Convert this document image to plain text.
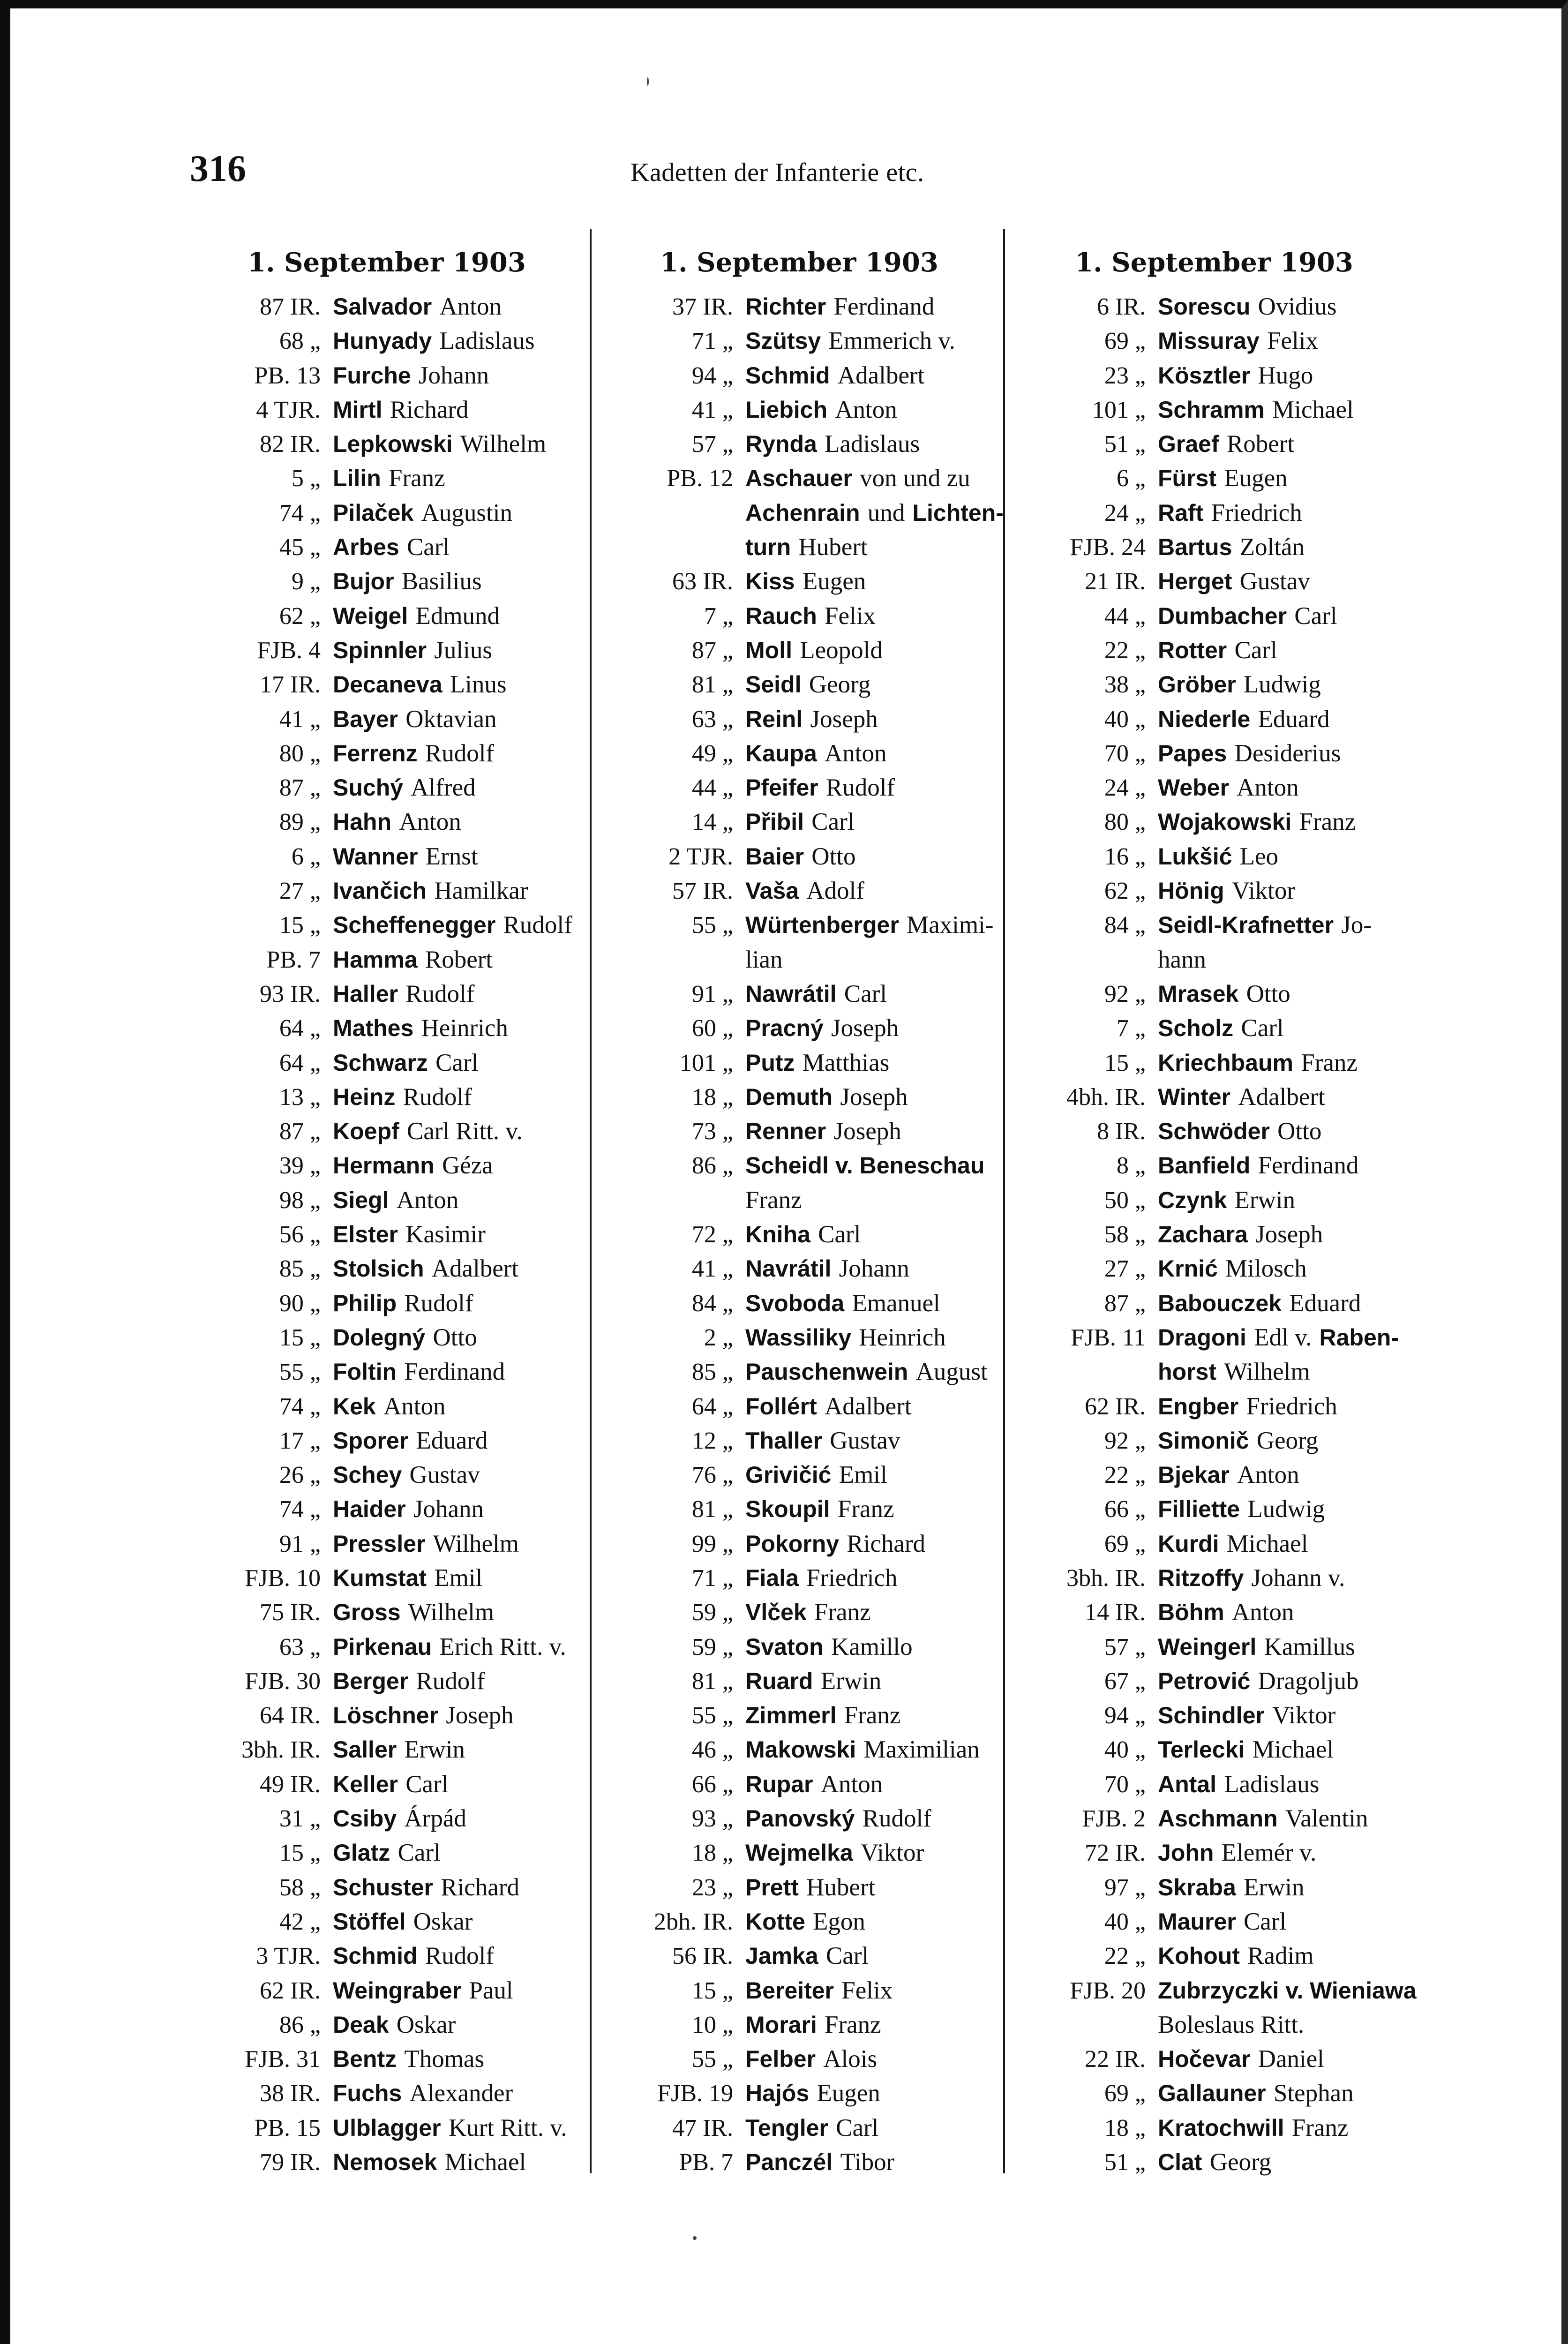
316	Kadetten der Infanterie etc.
1. September 1903
87 IR. Salvador Anton
68 „ Hunyady Ladislaus
PB. 13 Furche Johann
4 TJR. Mirtl Richard
82 IR. Lepkowski Wilhelm
5 „ Lilin Franz
74 „ Pilaček Augustin
45 „ Arbes Carl
9 „ Bujor Basilius
62 „ Weigel Edmund
FJB. 4 Spinnler Julius
17 IR. Decaneva Linus
41 „ Bayer Oktavian
80 „ Ferrenz Rudolf
87 „ Suchý Alfred
89 „ Hahn Anton
6 „ Wanner Ernst
27 „ Ivančich Hamilkar
15 „ Scheffenegger Rudolf
PB. 7 Hamma Robert
93 IR. Haller Rudolf
64 „ Mathes Heinrich
64 „ Schwarz Carl
13 „ Heinz Rudolf
87 „ Koepf Carl Ritt. v.
39 „ Hermann Géza
98 „ Siegl Anton
56 „ Elster Kasimir
85 „ Stolsich Adalbert
90 „ Philip Rudolf
15 „ Dolegný Otto
55 „ Foltin Ferdinand
74 „ Kek Anton
17 „ Sporer Eduard
26 „ Schey Gustav
74 „ Haider Johann
91 „ Pressler Wilhelm
FJB. 10 Kumstat Emil
75 IR. Gross Wilhelm
63 „ Pirkenau Erich Ritt. v.
FJB. 30 Berger Rudolf
64 IR. Löschner Joseph
3bh. IR. Saller Erwin
49 IR. Keller Carl
31 „ Csiby Árpád
15 „ Glatz Carl
58 „ Schuster Richard
42 „ Stöffel Oskar
3 TJR. Schmid Rudolf
62 IR. Weingraber Paul
86 „ Deak Oskar
FJB. 31 Bentz Thomas
38 IR. Fuchs Alexander
PB. 15 Ulblagger Kurt Ritt. v.
79 IR. Nemosek Michael
1. September 1903
37 IR. Richter Ferdinand
71 „ Szütsy Emmerich v.
94 „ Schmid Adalbert
41 „ Liebich Anton
57 „ Rynda Ladislaus
PB. 12 Aschauer von und zu
Achenrain und Lichten-
turn Hubert
63 IR. Kiss Eugen
7 „ Rauch Felix
87 „ Moll Leopold
81 „ Seidl Georg
63 „ Reinl Joseph
49 „ Kaupa Anton
44 „ Pfeifer Rudolf
14 „ Přibil Carl
2 TJR. Baier Otto
57 IR. Vaša Adolf
55 „ Würtenberger Maximi-
lian
91 „ Nawrátil Carl
60 „ Pracný Joseph
101 „ Putz Matthias
18 „ Demuth Joseph
73 „ Renner Joseph
86 „ Scheidl v. Beneschau
Franz
72 „ Kniha Carl
41 „ Navrátil Johann
84 „ Svoboda Emanuel
2 „ Wassiliky Heinrich
85 „ Pauschenwein August
64 „ Follért Adalbert
12 „ Thaller Gustav
76 „ Grivičić Emil
81 „ Skoupil Franz
99 „ Pokorny Richard
71 „ Fiala Friedrich
59 „ Vlček Franz
59 „ Svaton Kamillo
81 „ Ruard Erwin
55 „ Zimmerl Franz
46 „ Makowski Maximilian
66 „ Rupar Anton
93 „ Panovský Rudolf
18 „ Wejmelka Viktor
23 „ Prett Hubert
2bh. IR. Kotte Egon
56 IR. Jamka Carl
15 „ Bereiter Felix
10 „ Morari Franz
55 „ Felber Alois
FJB. 19 Hajós Eugen
47 IR. Tengler Carl
PB. 7 Panczél Tibor
1. September 1903
6 IR. Sorescu Ovidius
69 „ Missuray Felix
23 „ Kösztler Hugo
101 „ Schramm Michael
51 „ Graef Robert
6 „ Fürst Eugen
24 „ Raft Friedrich
FJB. 24 Bartus Zoltán
21 IR. Herget Gustav
44 „ Dumbacher Carl
22 „ Rotter Carl
38 „ Gröber Ludwig
40 „ Niederle Eduard
70 „ Papes Desiderius
24 „ Weber Anton
80 „ Wojakowski Franz
16 „ Lukšić Leo
62 „ Hönig Viktor
84 „ Seidl-Krafnetter Jo-
hann
92 „ Mrasek Otto
7 „ Scholz Carl
15 „ Kriechbaum Franz
4bh. IR. Winter Adalbert
8 IR. Schwöder Otto
8 „ Banfield Ferdinand
50 „ Czynk Erwin
58 „ Zachara Joseph
27 „ Krnić Milosch
87 „ Babouczek Eduard
FJB. 11 Dragoni Edl v. Raben-
horst Wilhelm
62 IR. Engber Friedrich
92 „ Simonič Georg
22 „ Bjekar Anton
66 „ Filliette Ludwig
69 „ Kurdi Michael
3bh. IR. Ritzoffy Johann v.
14 IR. Böhm Anton
57 „ Weingerl Kamillus
67 „ Petrović Dragoljub
94 „ Schindler Viktor
40 „ Terlecki Michael
70 „ Antal Ladislaus
FJB. 2 Aschmann Valentin
72 IR. John Elemér v.
97 „ Skraba Erwin
40 „ Maurer Carl
22 „ Kohout Radim
FJB. 20 Zubrzyczki v. Wieniawa
Boleslaus Ritt.
22 IR. Hočevar Daniel
69 „ Gallauner Stephan
18 „ Kratochwill Franz
51 „ Clat Georg
